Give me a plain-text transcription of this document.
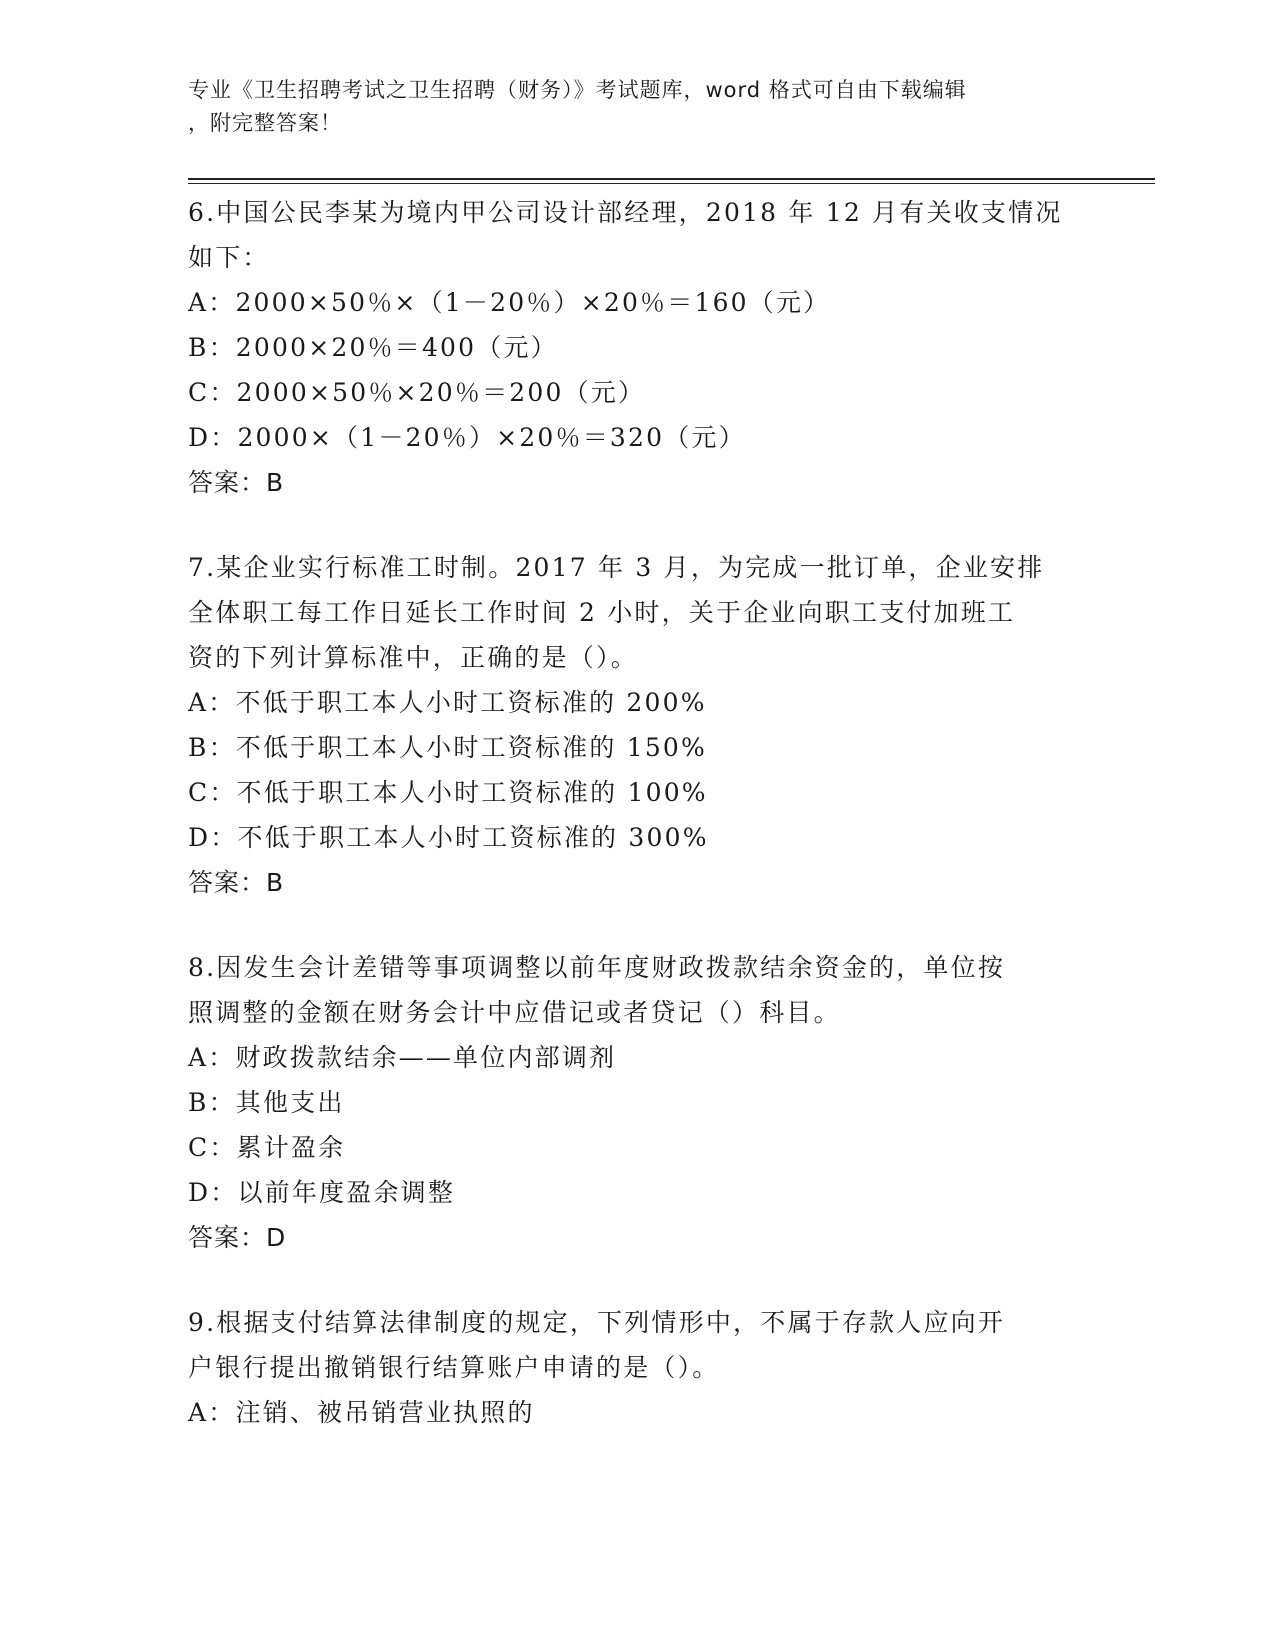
专业《卫生招聘考试之卫生招聘（财务）》考试题库，word 格式可自由下载编辑
，附完整答案！

6.中国公民李某为境内甲公司设计部经理，2018 年 12 月有关收支情况
如下：

A：2000×50％×（1－20％）×20％＝160（元）

B：2000×20％＝400（元）

C：2000×50％×20％＝200（元）

D：2000×（1－20％）×20％＝320（元）

答案：B

7.某企业实行标准工时制。2017 年 3 月，为完成一批订单，企业安排
全体职工每工作日延长工作时间 2 小时，关于企业向职工支付加班工
资的下列计算标准中，正确的是（）。

A：不低于职工本人小时工资标准的 200%

B：不低于职工本人小时工资标准的 150%

C：不低于职工本人小时工资标准的 100%

D：不低于职工本人小时工资标准的 300%

答案：B

8.因发生会计差错等事项调整以前年度财政拨款结余资金的，单位按
照调整的金额在财务会计中应借记或者贷记（）科目。

A：财政拨款结余——单位内部调剂

B：其他支出

C：累计盈余

D：以前年度盈余调整

答案：D

9.根据支付结算法律制度的规定，下列情形中，不属于存款人应向开
户银行提出撤销银行结算账户申请的是（）。

A：注销、被吊销营业执照的
